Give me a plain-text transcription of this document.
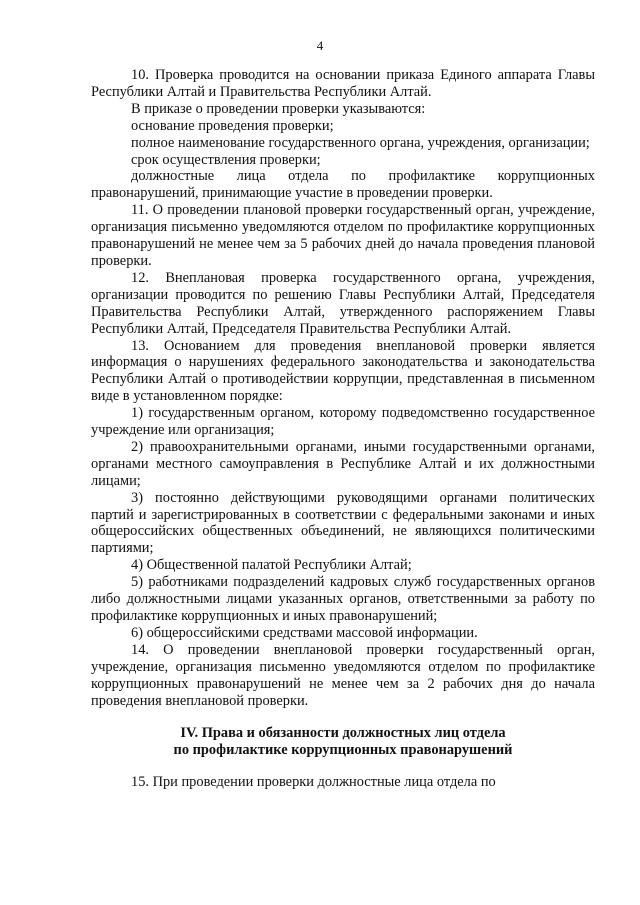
4

10. Проверка проводится на основании приказа Единого аппарата Главы Республики Алтай и Правительства Республики Алтай.

В приказе о проведении проверки указываются:

основание проведения проверки;

полное наименование государственного органа, учреждения, организации;

срок осуществления проверки;

должностные лица отдела по профилактике коррупционных правонарушений, принимающие участие в проведении проверки.

11. О проведении плановой проверки государственный орган, учреждение, организация письменно уведомляются отделом по профилактике коррупционных правонарушений не менее чем за 5 рабочих дней до начала проведения плановой проверки.

12. Внеплановая проверка государственного органа, учреждения, организации проводится по решению Главы Республики Алтай, Председателя Правительства Республики Алтай, утвержденного распоряжением Главы Республики Алтай, Председателя Правительства Республики Алтай.

13. Основанием для проведения внеплановой проверки является информация о нарушениях федерального законодательства и законодательства Республики Алтай о противодействии коррупции, представленная в письменном виде в установленном порядке:

1) государственным органом, которому подведомственно государственное учреждение или организация;

2) правоохранительными органами, иными государственными органами, органами местного самоуправления в Республике Алтай и их должностными лицами;

3) постоянно действующими руководящими органами политических партий и зарегистрированных в соответствии с федеральными законами и иных общероссийских общественных объединений, не являющихся политическими партиями;

4) Общественной палатой Республики Алтай;

5) работниками подразделений кадровых служб государственных органов либо должностными лицами указанных органов, ответственными за работу по профилактике коррупционных и иных правонарушений;

6) общероссийскими средствами массовой информации.

14. О проведении внеплановой проверки государственный орган, учреждение, организация письменно уведомляются отделом по профилактике коррупционных правонарушений не менее чем за 2 рабочих дня до начала проведения внеплановой проверки.

IV. Права и обязанности должностных лиц отдела
по профилактике коррупционных правонарушений

15. При проведении проверки должностные лица отдела по
